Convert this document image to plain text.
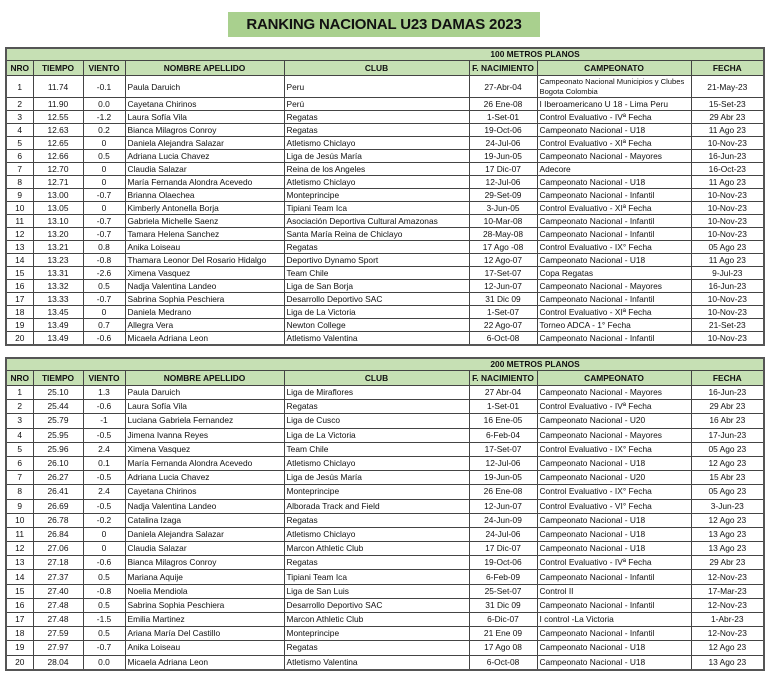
RANKING NACIONAL U23 DAMAS 2023
100 METROS PLANOS							
NRO	TIEMPO	VIENTO	NOMBRE APELLIDO	CLUB	F. NACIMIENTO	CAMPEONATO	FECHA
1	11.74	-0.1	Paula Daruich	Peru	27-Abr-04	Campeonato Nacional Municipios y Clubes Bogota Colombia	21-May-23
2	11.90	0.0	Cayetana Chirinos	Perú	26 Ene-08	I Iberoamericano U 18 - Lima Peru	15-Set-23
3	12.55	-1.2	Laura Sofía Vila	Regatas	1-Set-01	Control Evaluativo - IVª Fecha	29 Abr 23
4	12.63	0.2	Bianca Milagros Conroy	Regatas	19-Oct-06	Campeonato Nacional - U18	11 Ago 23
5	12.65	0	Daniela Alejandra Salazar	Atletismo Chiclayo	24-Jul-06	Control Evaluativo - XIª Fecha	10-Nov-23
6	12.66	0.5	Adriana Lucia Chavez	Liga de Jesús María	19-Jun-05	Campeonato Nacional - Mayores	16-Jun-23
7	12.70	0	Claudia Salazar	Reina de los Angeles	17 Dic-07	Adecore	16-Oct-23
8	12.71	0	María Fernanda Alondra Acevedo	Atletismo Chiclayo	12-Jul-06	Campeonato Nacional - U18	11 Ago 23
9	13.00	-0.7	Brianna Olaechea	Monteprincipe	29-Set-09	Campeonato Nacional - Infantil	10-Nov-23
10	13.05	0	Kimberly Antonella Borja	Tipiani Team Ica	3-Jun-05	Control Evaluativo - XIª Fecha	10-Nov-23
11	13.10	-0.7	Gabriela Michelle Saenz	Asociación Deportiva Cultural Amazonas	10-Mar-08	Campeonato Nacional - Infantil	10-Nov-23
12	13.20	-0.7	Tamara Helena Sanchez	Santa María Reina de Chiclayo	28-May-08	Campeonato Nacional - Infantil	10-Nov-23
13	13.21	0.8	Anika Loiseau	Regatas	17 Ago -08	Control Evaluativo - IX° Fecha	05 Ago 23
14	13.23	-0.8	Thamara Leonor Del Rosario Hidalgo	Deportivo Dynamo Sport	12 Ago-07	Campeonato Nacional - U18	11 Ago 23
15	13.31	-2.6	Ximena Vasquez	Team Chile	17-Set-07	Copa Regatas	9-Jul-23
16	13.32	0.5	Nadja Valentina Landeo	Liga de San Borja	12-Jun-07	Campeonato Nacional - Mayores	16-Jun-23
17	13.33	-0.7	Sabrina Sophia Peschiera	Desarrollo Deportivo SAC	31 Dic 09	Campeonato Nacional - Infantil	10-Nov-23
18	13.45	0	Daniela Medrano	Liga de La Victoria	1-Set-07	Control Evaluativo - XIª Fecha	10-Nov-23
19	13.49	0.7	Allegra Vera	Newton College	22 Ago-07	Torneo ADCA - 1° Fecha	21-Set-23
20	13.49	-0.6	Micaela Adriana Leon	Atletismo Valentina	6-Oct-08	Campeonato Nacional - Infantil	10-Nov-23
200 METROS PLANOS							
NRO	TIEMPO	VIENTO	NOMBRE APELLIDO	CLUB	F. NACIMIENTO	CAMPEONATO	FECHA
1	25.10	1.3	Paula Daruich	Liga de Miraflores	27 Abr-04	Campeonato Nacional - Mayores	16-Jun-23
2	25.44	-0.6	Laura Sofía Vila	Regatas	1-Set-01	Control Evaluativo - IVª Fecha	29 Abr 23
3	25.79	-1	Luciana Gabriela Fernandez	Liga de Cusco	16 Ene-05	Campeonato Nacional - U20	16 Abr 23
4	25.95	-0.5	Jimena Ivanna Reyes	Liga de La Victoria	6-Feb-04	Campeonato Nacional - Mayores	17-Jun-23
5	25.96	2.4	Ximena Vasquez	Team Chile	17-Set-07	Control Evaluativo - IX° Fecha	05 Ago 23
6	26.10	0.1	María Fernanda Alondra Acevedo	Atletismo Chiclayo	12-Jul-06	Campeonato Nacional - U18	12 Ago 23
7	26.27	-0.5	Adriana Lucia Chavez	Liga de Jesús María	19-Jun-05	Campeonato Nacional - U20	15 Abr 23
8	26.41	2.4	Cayetana Chirinos	Monteprincipe	26 Ene-08	Control Evaluativo - IX° Fecha	05 Ago 23
9	26.69	-0.5	Nadja Valentina Landeo	Alborada Track and Field	12-Jun-07	Control Evaluativo - VI° Fecha	3-Jun-23
10	26.78	-0.2	Catalina Izaga	Regatas	24-Jun-09	Campeonato Nacional - U18	12 Ago 23
11	26.84	0	Daniela Alejandra Salazar	Atletismo Chiclayo	24-Jul-06	Campeonato Nacional - U18	13 Ago 23
12	27.06	0	Claudia Salazar	Marcon Athletic Club	17 Dic-07	Campeonato Nacional - U18	13 Ago 23
13	27.18	-0.6	Bianca Milagros Conroy	Regatas	19-Oct-06	Control Evaluativo - IVª Fecha	29 Abr 23
14	27.37	0.5	Mariana Aquije	Tipiani Team Ica	6-Feb-09	Campeonato Nacional - Infantil	12-Nov-23
15	27.40	-0.8	Noelia Mendiola	Liga de San Luis	25-Set-07	Control II	17-Mar-23
16	27.48	0.5	Sabrina Sophia Peschiera	Desarrollo Deportivo SAC	31 Dic 09	Campeonato Nacional - Infantil	12-Nov-23
17	27.48	-1.5	Emilia Martinez	Marcon Athletic Club	6-Dic-07	I control -La Victoria	1-Abr-23
18	27.59	0.5	Ariana María Del Castillo	Monteprincipe	21 Ene 09	Campeonato Nacional - Infantil	12-Nov-23
19	27.97	-0.7	Anika Loiseau	Regatas	17 Ago 08	Campeonato Nacional - U18	12 Ago 23
20	28.04	0.0	Micaela Adriana Leon	Atletismo Valentina	6-Oct-08	Campeonato Nacional - U18	13 Ago 23
